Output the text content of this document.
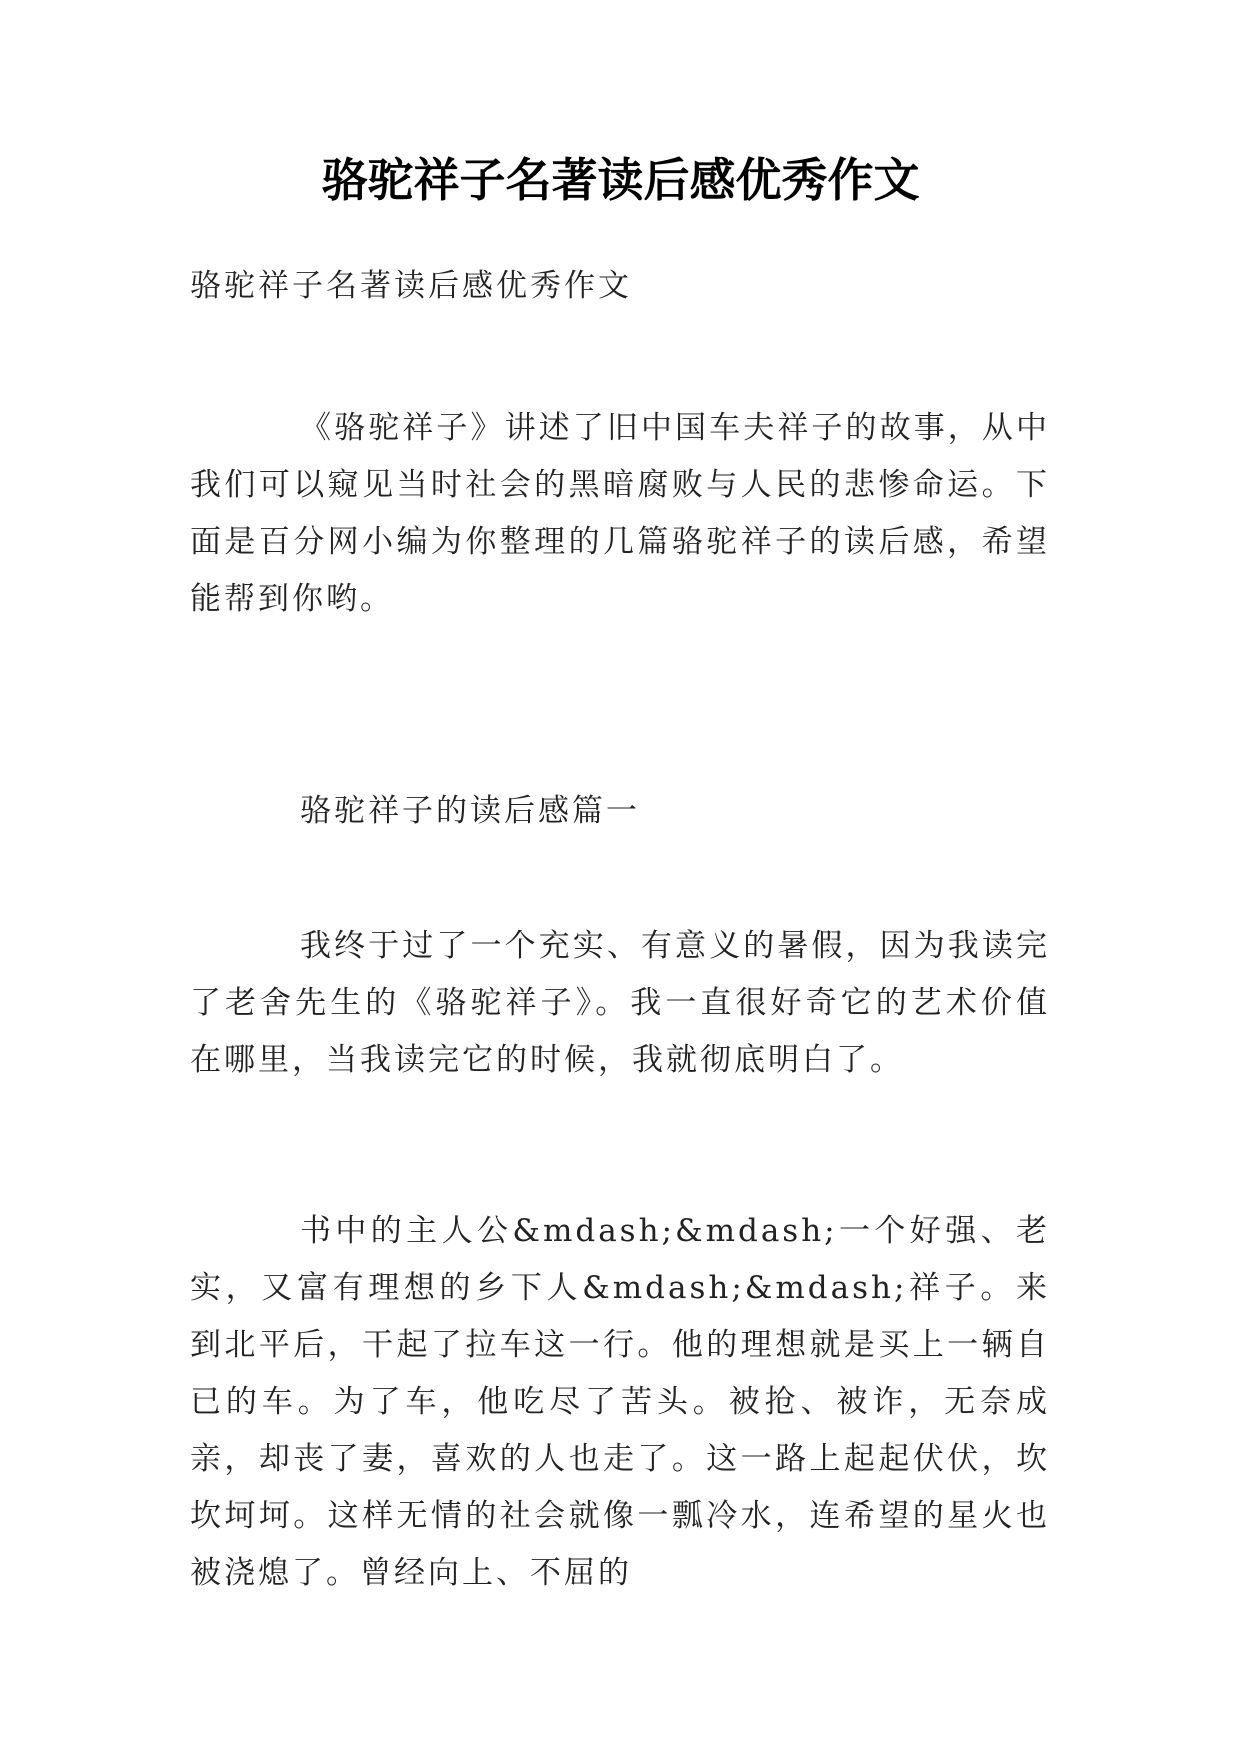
骆驼祥子名著读后感优秀作文
骆驼祥子名著读后感优秀作文
《骆驼祥子》讲述了旧中国车夫祥子的故事，从中我们可以窥见当时社会的黑暗腐败与人民的悲惨命运。下面是百分网小编为你整理的几篇骆驼祥子的读后感，希望能帮到你哟。
骆驼祥子的读后感篇一
我终于过了一个充实、有意义的暑假，因为我读完了老舍先生的《骆驼祥子》。我一直很好奇它的艺术价值在哪里，当我读完它的时候，我就彻底明白了。
书中的主人公&mdash;&mdash;一个好强、老实，又富有理想的乡下人&mdash;&mdash;祥子。来到北平后，干起了拉车这一行。他的理想就是买上一辆自已的车。为了车，他吃尽了苦头。被抢、被诈，无奈成亲，却丧了妻，喜欢的人也走了。这一路上起起伏伏，坎坎坷坷。这样无情的社会就像一瓢冷水，连希望的星火也被浇熄了。曾经向上、不屈的
